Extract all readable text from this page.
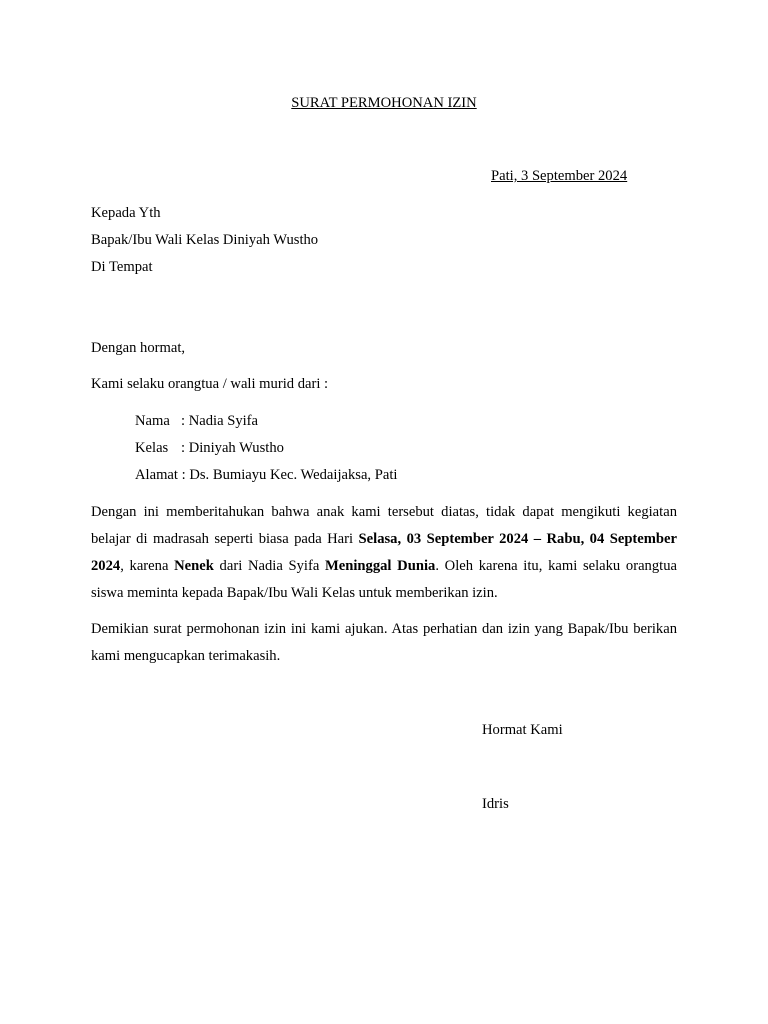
SURAT PERMOHONAN IZIN
Pati, 3 September 2024
Kepada Yth
Bapak/Ibu Wali Kelas Diniyah Wustho
Di Tempat
Dengan hormat,
Kami selaku orangtua / wali murid dari :
Nama : Nadia Syifa
Kelas : Diniyah Wustho
Alamat : Ds. Bumiayu Kec. Wedaijaksa, Pati
Dengan ini memberitahukan bahwa anak kami tersebut diatas, tidak dapat mengikuti kegiatan belajar di madrasah seperti biasa pada Hari Selasa, 03 September 2024 – Rabu, 04 September 2024, karena Nenek dari Nadia Syifa Meninggal Dunia. Oleh karena itu, kami selaku orangtua siswa meminta kepada Bapak/Ibu Wali Kelas untuk memberikan izin.
Demikian surat permohonan izin ini kami ajukan. Atas perhatian dan izin yang Bapak/Ibu berikan kami mengucapkan terimakasih.
Hormat Kami
Idris
